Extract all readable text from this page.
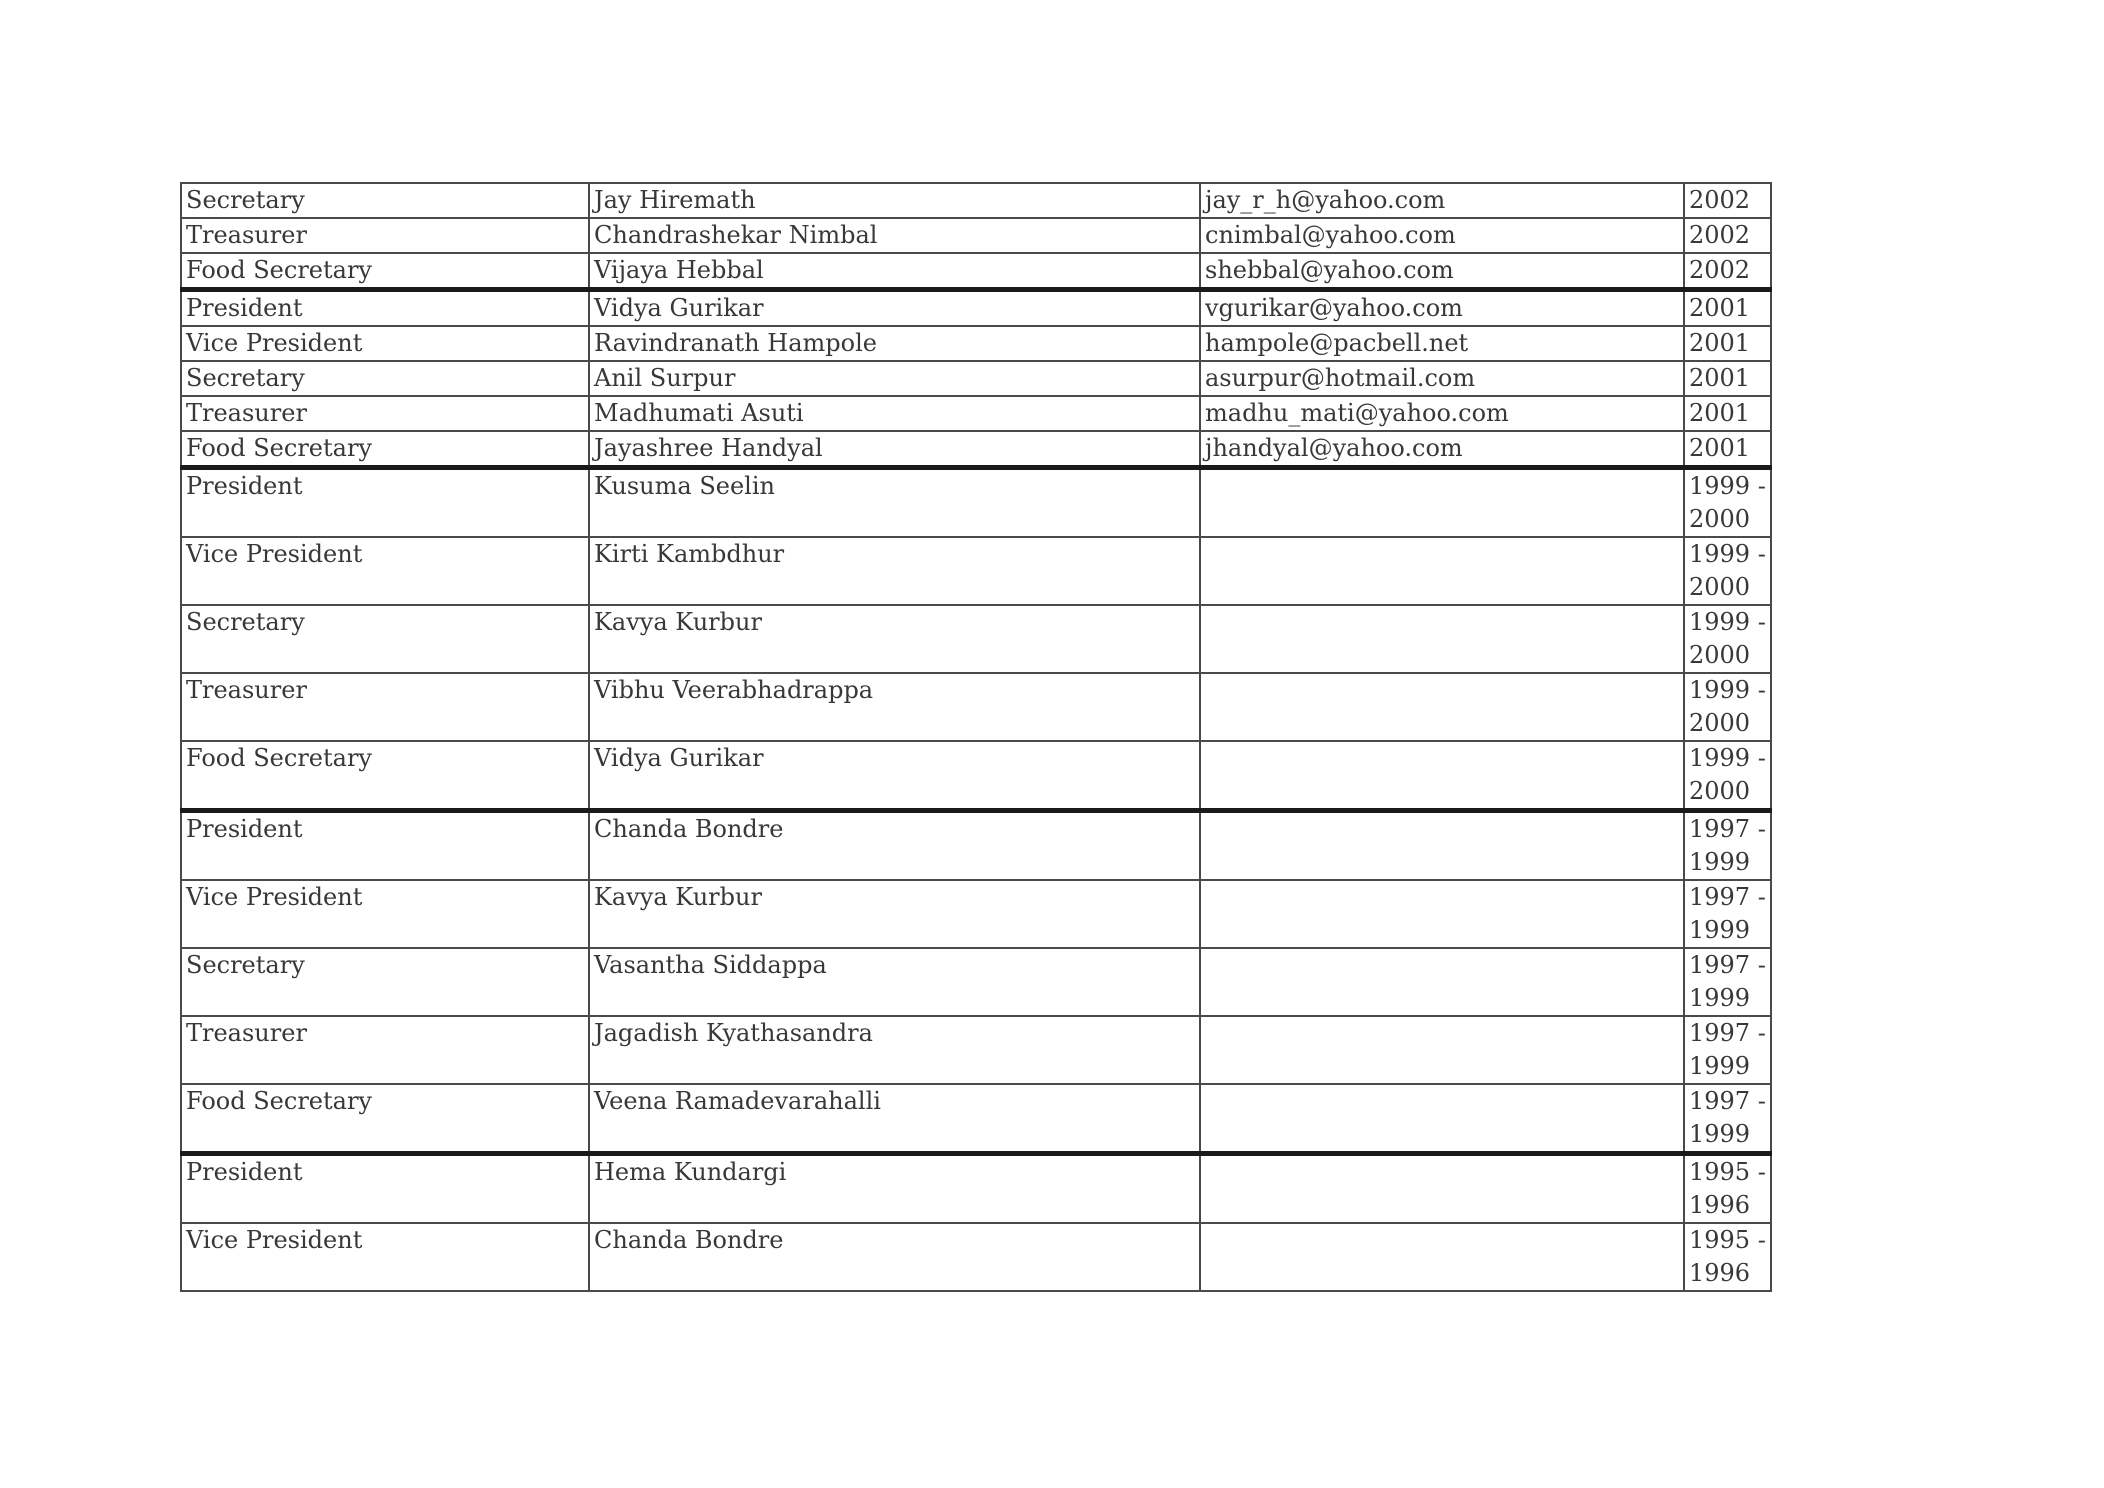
Secretary	Jay Hiremath	jay_r_h@yahoo.com	2002
Treasurer	Chandrashekar Nimbal	cnimbal@yahoo.com	2002
Food Secretary	Vijaya Hebbal	shebbal@yahoo.com	2002
President	Vidya Gurikar	vgurikar@yahoo.com	2001
Vice President	Ravindranath Hampole	hampole@pacbell.net	2001
Secretary	Anil Surpur	asurpur@hotmail.com	2001
Treasurer	Madhumati Asuti	madhu_mati@yahoo.com	2001
Food Secretary	Jayashree Handyal	jhandyal@yahoo.com	2001
President	Kusuma Seelin		1999 - 2000
Vice President	Kirti Kambdhur		1999 - 2000
Secretary	Kavya Kurbur		1999 - 2000
Treasurer	Vibhu Veerabhadrappa		1999 - 2000
Food Secretary	Vidya Gurikar		1999 - 2000
President	Chanda Bondre		1997 - 1999
Vice President	Kavya Kurbur		1997 - 1999
Secretary	Vasantha Siddappa		1997 - 1999
Treasurer	Jagadish Kyathasandra		1997 - 1999
Food Secretary	Veena Ramadevarahalli		1997 - 1999
President	Hema Kundargi		1995 - 1996
Vice President	Chanda Bondre		1995 - 1996
